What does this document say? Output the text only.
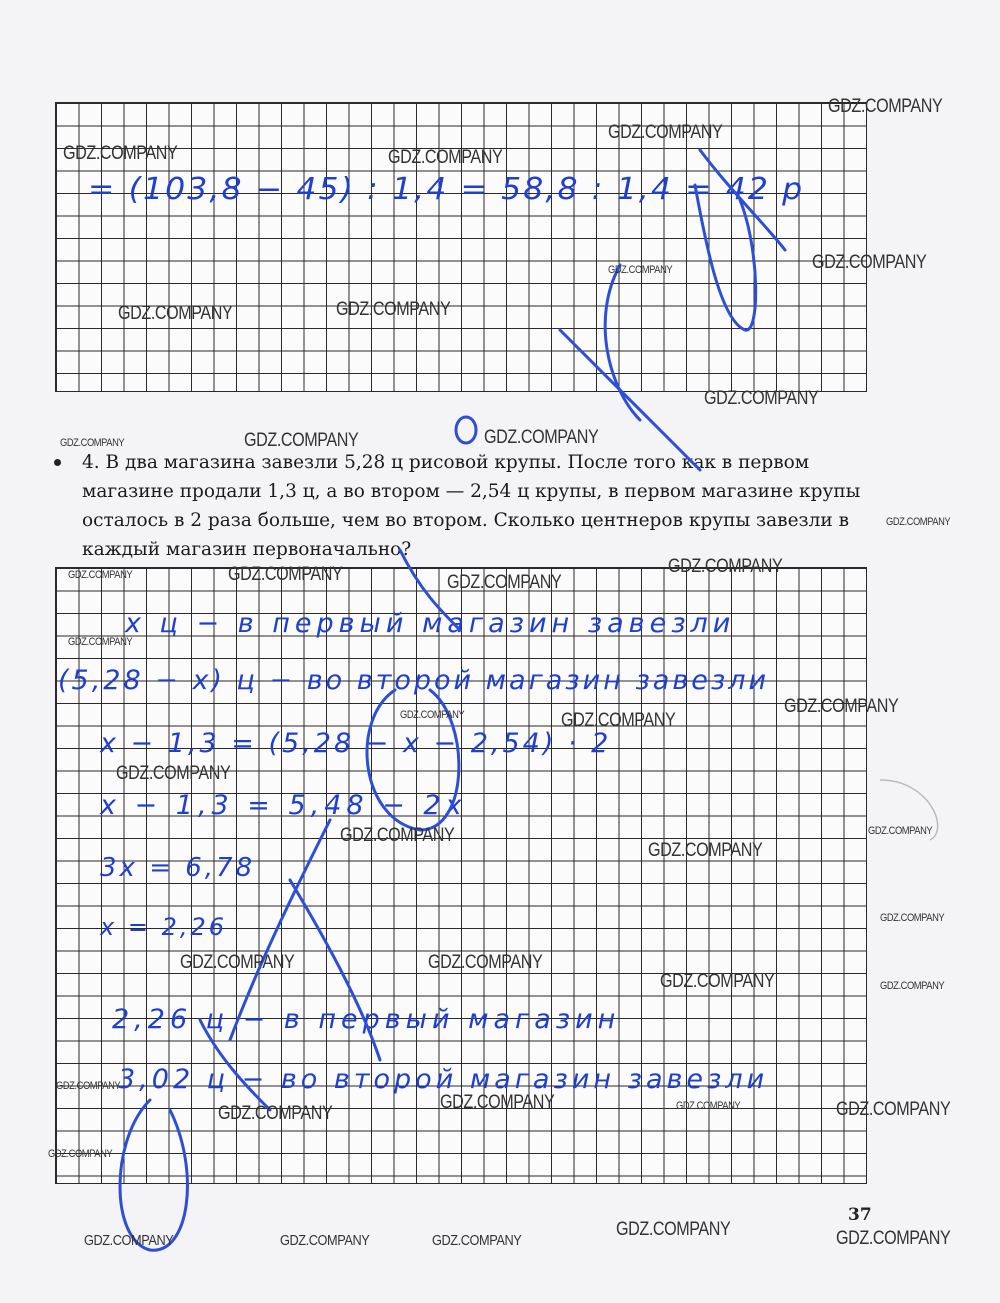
= (103,8 − 45) : 1,4 = 58,8 : 1,4 = 42 р
4. В два магазина завезли 5,28 ц рисовой крупы. После того как в первом магазине продали 1,3 ц, а во втором — 2,54 ц крупы, в первом магазине крупы осталось в 2 раза больше, чем во втором. Сколько центнеров крупы завезли в каждый магазин первоначально?
х ц − в первый магазин завезли
(5,28 − х) ц − во второй магазин завезли
х − 1,3 = (5,28 − х − 2,54) · 2
х − 1,3 = 5,48 − 2х
3х = 6,78
х = 2,26
2,26 ц − в первый магазин
3,02 ц − во второй магазин завезли
GDZ.COMPANY
GDZ.COMPANY
GDZ.COMPANY	GDZ.COMPANY
GDZ.COMPANY
GDZ.COMPANY
GDZ.COMPANY	GDZ.COMPANY
GDZ.COMPANY
GDZ.COMPANY	GDZ.COMPANY	GDZ.COMPANY
GDZ.COMPANY
GDZ.COMPANY
GDZ.COMPANY	GDZ.COMPANY	GDZ.COMPANY
GDZ.COMPANY
GDZ.COMPANY
GDZ.COMPANY	GDZ.COMPANY
GDZ.COMPANY
GDZ.COMPANY
GDZ.COMPANY
GDZ.COMPANY
GDZ.COMPANY
GDZ.COMPANY	GDZ.COMPANY
GDZ.COMPANY	GDZ.COMPANY
GDZ.COMPANY
GDZ.COMPANY	GDZ.COMPANY	GDZ.COMPANY
GDZ.COMPANY
GDZ.COMPANY
GDZ.COMPANY	GDZ.COMPANY
GDZ.COMPANY	GDZ.COMPANY	GDZ.COMPANY
37
